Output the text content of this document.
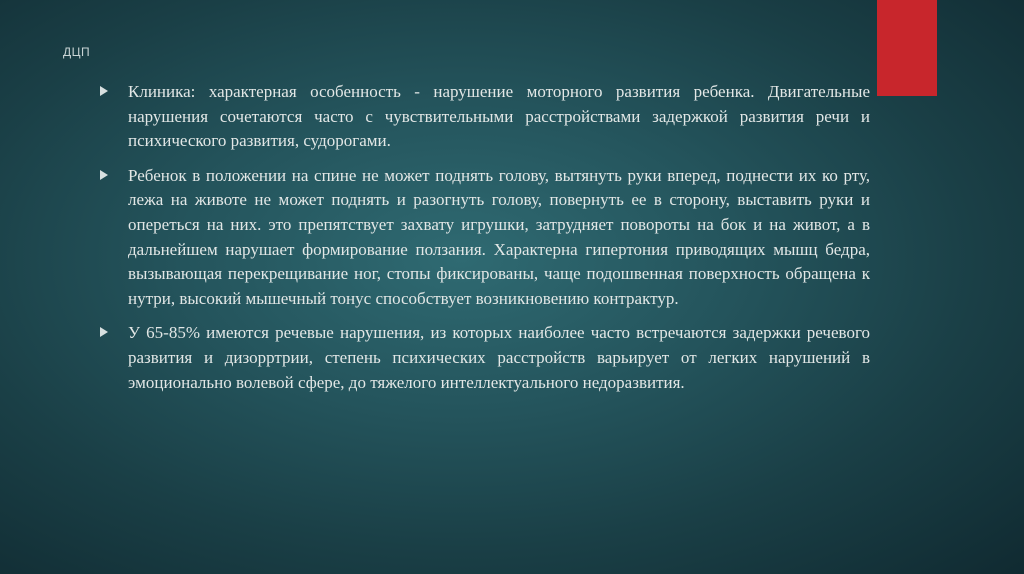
ДЦП
Клиника: характерная особенность - нарушение моторного развития ребенка. Двигательные нарушения сочетаются часто с чувствительными расстройствами задержкой развития речи и психического развития, судорогами.
Ребенок в положении на спине не может поднять голову, вытянуть руки вперед, поднести их ко рту, лежа на животе не может поднять и разогнуть голову, повернуть ее в сторону, выставить руки и опереться на них. это препятствует захвату игрушки, затрудняет повороты на бок и на живот, а в дальнейшем нарушает формирование ползания. Характерна гипертония приводящих мышц бедра, вызывающая перекрещивание ног, стопы фиксированы, чаще подошвенная поверхность обращена к нутри, высокий мышечный тонус способствует возникновению контрактур.
У 65-85% имеются речевые нарушения, из которых наиболее часто встречаются задержки речевого развития и дизорртрии, степень психических расстройств варьирует от легких нарушений в эмоционально волевой сфере, до тяжелого интеллектуального недоразвития.
